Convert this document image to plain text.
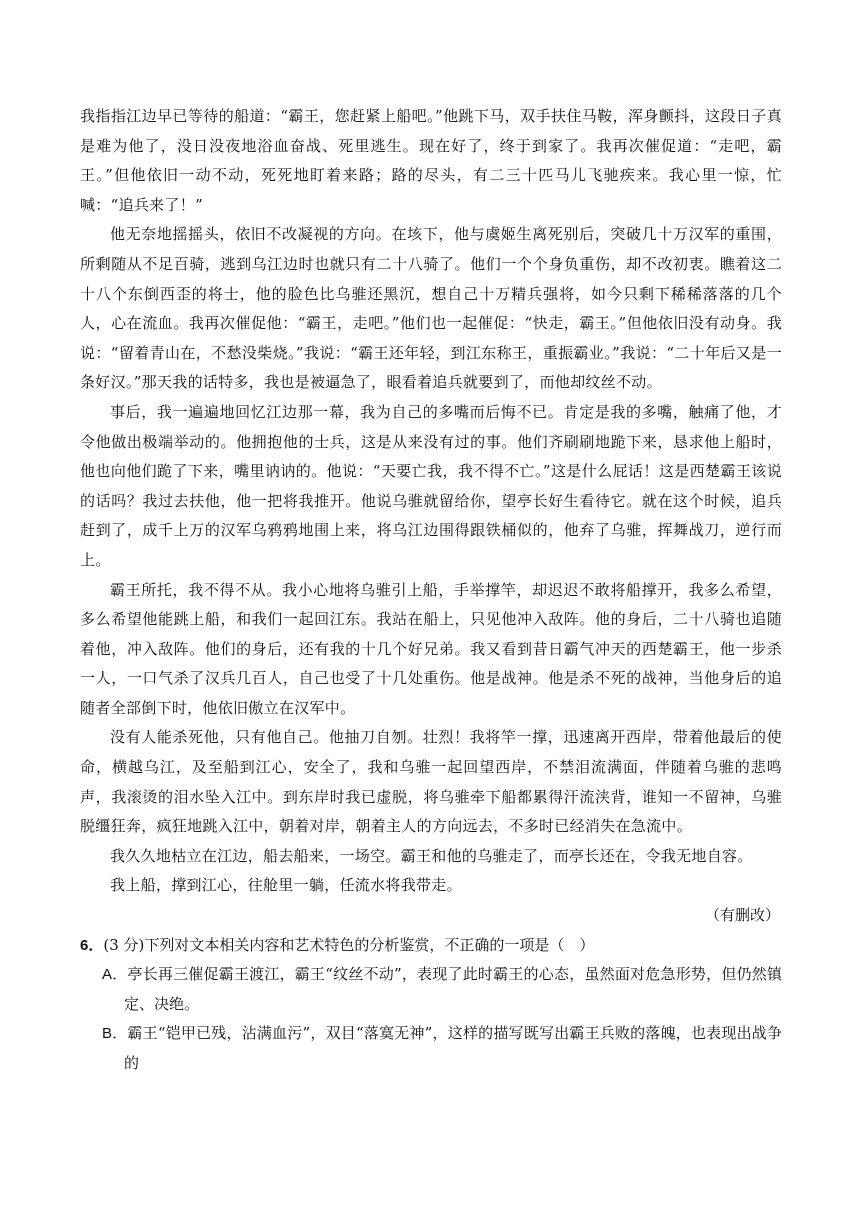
我指指江边早已等待的船道：“霸王，您赶紧上船吧。”他跳下马，双手扶住马鞍，浑身颤抖，这段日子真是难为他了，没日没夜地浴血奋战、死里逃生。现在好了，终于到家了。我再次催促道：“走吧，霸王。”但他依旧一动不动，死死地盯着来路；路的尽头，有二三十匹马儿飞驰疾来。我心里一惊，忙喊：“追兵来了！”

他无奈地摇摇头，依旧不改凝视的方向。在垓下，他与虞姬生离死别后，突破几十万汉军的重围，所剩随从不足百骑，逃到乌江边时也就只有二十八骑了。他们一个个身负重伤，却不改初衷。瞧着这二十八个东倒西歪的将士，他的脸色比乌骓还黑沉，想自己十万精兵强将，如今只剩下稀稀落落的几个人，心在流血。我再次催促他：“霸王，走吧。”他们也一起催促：“快走，霸王。”但他依旧没有动身。我说：“留着青山在，不愁没柴烧。”我说：“霸王还年轻，到江东称王，重振霸业。”我说：“二十年后又是一条好汉。”那天我的话特多，我也是被逼急了，眼看着追兵就要到了，而他却纹丝不动。

事后，我一遍遍地回忆江边那一幕，我为自己的多嘴而后悔不已。肯定是我的多嘴，触痛了他，才令他做出极端举动的。他拥抱他的士兵，这是从来没有过的事。他们齐刷刷地跪下来，恳求他上船时，他也向他们跪了下来，嘴里讷讷的。他说：“天要亡我，我不得不亡。”这是什么屁话！这是西楚霸王该说的话吗？我过去扶他，他一把将我推开。他说乌骓就留给你，望亭长好生看待它。就在这个时候，追兵赶到了，成千上万的汉军乌鸦鸦地围上来，将乌江边围得跟铁桶似的，他弃了乌骓，挥舞战刀，逆行而上。

霸王所托，我不得不从。我小心地将乌骓引上船，手举撑竿，却迟迟不敢将船撑开，我多么希望，多么希望他能跳上船，和我们一起回江东。我站在船上，只见他冲入敌阵。他的身后，二十八骑也追随着他，冲入敌阵。他们的身后，还有我的十几个好兄弟。我又看到昔日霸气冲天的西楚霸王，他一步杀一人，一口气杀了汉兵几百人，自己也受了十几处重伤。他是战神。他是杀不死的战神，当他身后的追随者全部倒下时，他依旧傲立在汉军中。

没有人能杀死他，只有他自己。他抽刀自刎。壮烈！我将竿一撑，迅速离开西岸，带着他最后的使命，横越乌江，及至船到江心，安全了，我和乌骓一起回望西岸，不禁泪流满面，伴随着乌骓的悲鸣声，我滚烫的泪水坠入江中。到东岸时我已虚脱，将乌骓牵下船都累得汗流浃背，谁知一不留神，乌骓脱缰狂奔，疯狂地跳入江中，朝着对岸，朝着主人的方向远去，不多时已经消失在急流中。

我久久地枯立在江边，船去船来，一场空。霸王和他的乌骓走了，而亭长还在，令我无地自容。

我上船，撑到江心，往舱里一躺，任流水将我带走。

（有删改）

6．(3 分)下列对文本相关内容和艺术特色的分析鉴赏，不正确的一项是（　）

A．亭长再三催促霸王渡江，霸王“纹丝不动”，表现了此时霸王的心态，虽然面对危急形势，但仍然镇定、决绝。

B．霸王“铠甲已残，沾满血污”，双目“落寞无神”，这样的描写既写出霸王兵败的落魄，也表现出战争的
